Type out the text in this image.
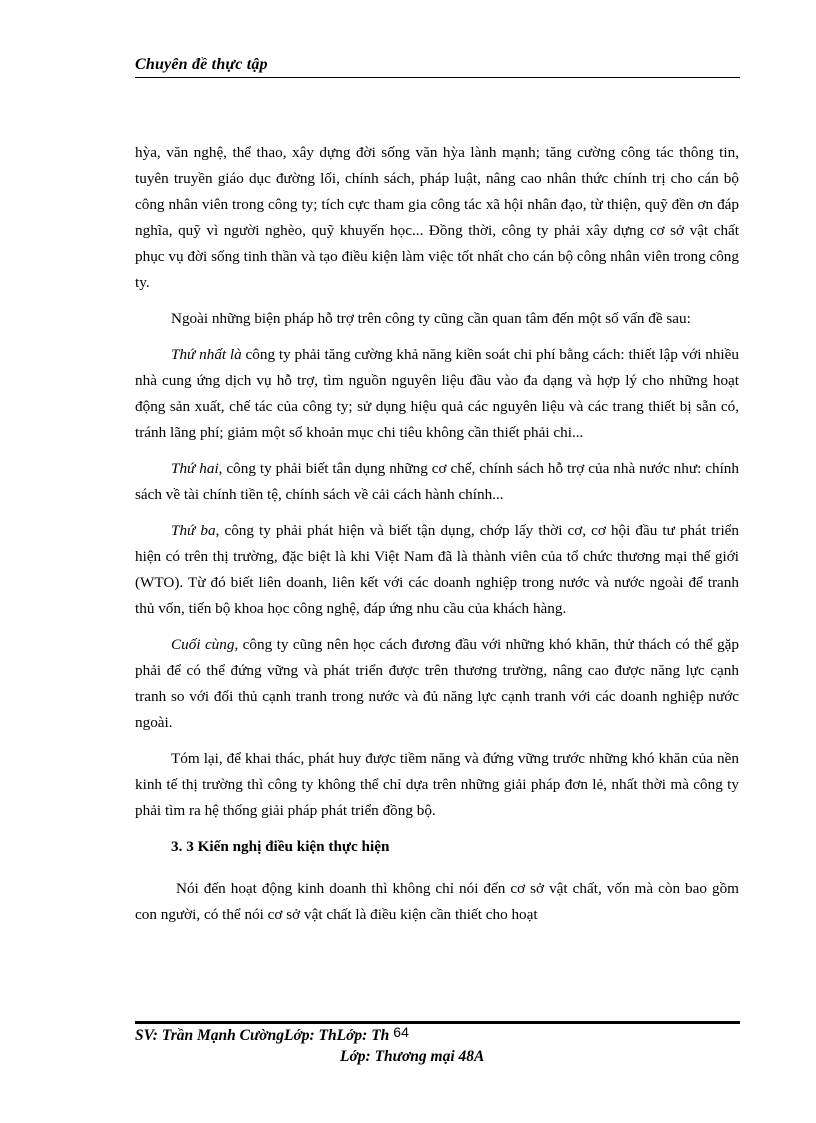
Chuyên đề thực tập

hỳa, văn nghệ, thể thao, xây dựng đời sống văn hỳa lành mạnh; tăng cường công tác thông tin, tuyên truyền giáo dục đường lối, chính sách, pháp luật, nâng cao nhân thức chính trị cho cán bộ công nhân viên trong công ty; tích cực tham gia công tác xã hội nhân đạo, từ thiện, quỹ đền ơn đáp nghĩa, quỹ vì người nghèo, quỹ khuyến học... Đồng thời, công ty phải xây dựng cơ sở vật chất phục vụ đời sống tinh thần và tạo điều kiện làm việc tốt nhất cho cán bộ công nhân viên trong công ty.

Ngoài những biện pháp hỗ trợ trên công ty cũng cần quan tâm đến một số vấn đề sau:

Thứ nhất là công ty phải tăng cường khả năng kiền soát chi phí bằng cách: thiết lập với nhiều nhà cung ứng dịch vụ hỗ trợ, tìm nguồn nguyên liệu đầu vào đa dạng và hợp lý cho những hoạt động sản xuất, chế tác của công ty; sử dụng hiệu quả các nguyên liệu và các trang thiết bị sẵn có, tránh lãng phí; giảm một số khoản mục chi tiêu không cần thiết phải chi...

Thứ hai, công ty phải biết tân dụng những cơ chế, chính sách hỗ trợ của nhà nước như: chính sách về tài chính tiền tệ, chính sách về cải cách hành chính...

Thứ ba, công ty phải phát hiện và biết tận dụng, chớp lấy thời cơ, cơ hội đầu tư phát triển hiện có trên thị trường, đặc biệt là khi Việt Nam đã là thành viên của tổ chức thương mại thế giới (WTO). Từ đó biết liên doanh, liên kết với các doanh nghiệp trong nước và nước ngoài để tranh thủ vốn, tiến bộ khoa học công nghệ, đáp ứng nhu cầu của khách hàng.

Cuối cùng, công ty cũng nên học cách đương đầu với những khó khăn, thử thách có thể gặp phải để có thể đứng vững và phát triển được trên thương trường, nâng cao được năng lực cạnh tranh so với đối thủ cạnh tranh trong nước và đủ năng lực cạnh tranh với các doanh nghiệp nước ngoài.

Tóm lại, để khai thác, phát huy được tiềm năng và đứng vững trước những khó khăn của nền kinh tế thị trường thì công ty không thể chỉ dựa trên những giải pháp đơn lẻ, nhất thời mà công ty phải tìm ra hệ thống giải pháp phát triển đồng bộ.

3. 3 Kiến nghị điều kiện thực hiện

Nói đến hoạt động kinh doanh thì không chỉ nói đến cơ sở vật chất, vốn mà còn bao gồm con người, có thể nói cơ sở vật chất là điều kiện cần thiết cho hoạt

SV: Trần Mạnh CườngLớp: ThLớp: Th 64
Lớp: Thương mại 48A
